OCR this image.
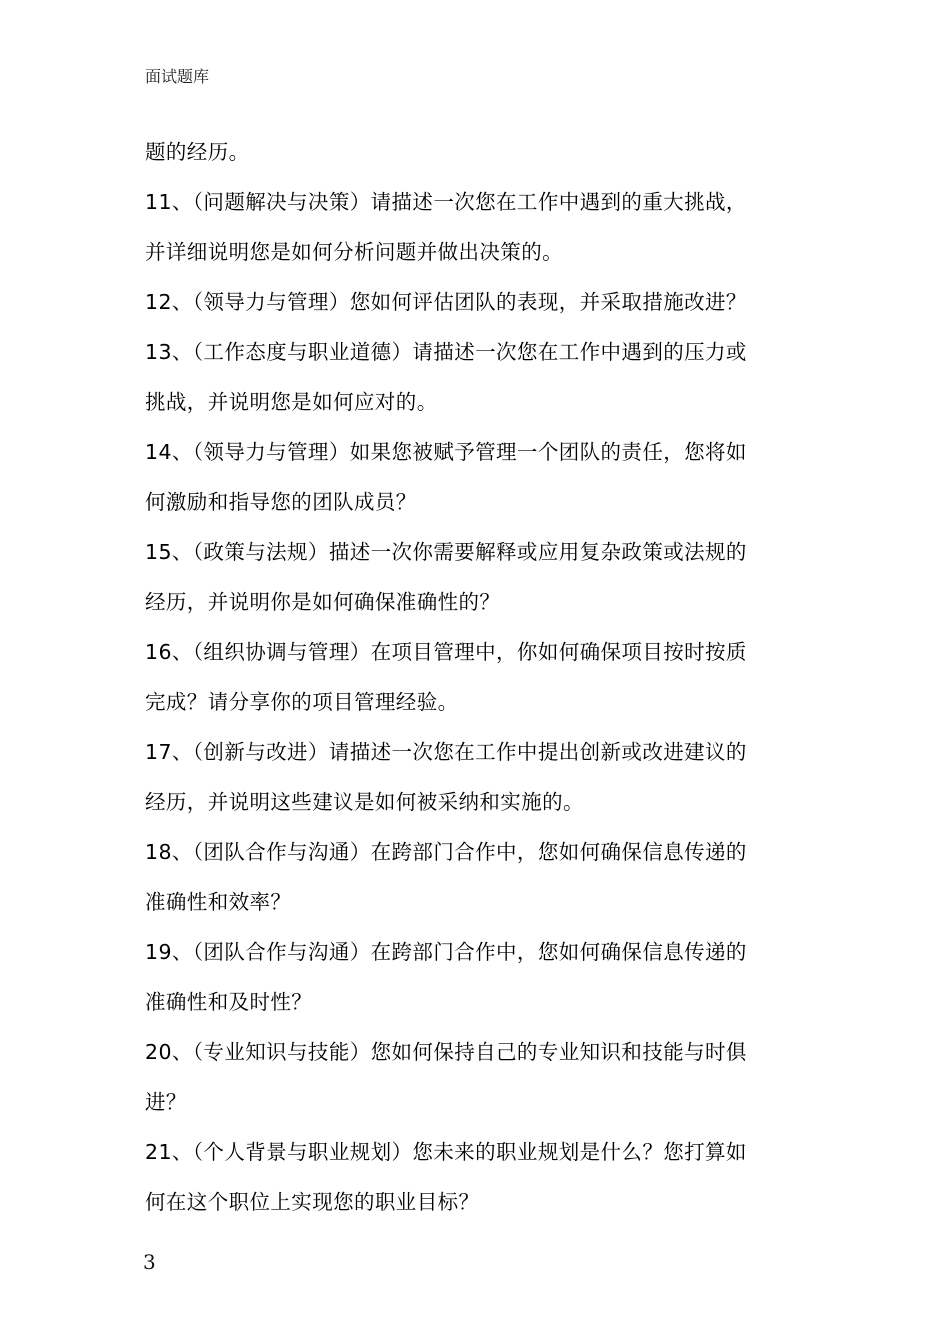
面试题库
题的经历。
11、（问题解决与决策）请描述一次您在工作中遇到的重大挑战，
并详细说明您是如何分析问题并做出决策的。
12、（领导力与管理）您如何评估团队的表现，并采取措施改进？
13、（工作态度与职业道德）请描述一次您在工作中遇到的压力或
挑战，并说明您是如何应对的。
14、（领导力与管理）如果您被赋予管理一个团队的责任，您将如
何激励和指导您的团队成员？
15、（政策与法规）描述一次你需要解释或应用复杂政策或法规的
经历，并说明你是如何确保准确性的？
16、（组织协调与管理）在项目管理中，你如何确保项目按时按质
完成？请分享你的项目管理经验。
17、（创新与改进）请描述一次您在工作中提出创新或改进建议的
经历，并说明这些建议是如何被采纳和实施的。
18、（团队合作与沟通）在跨部门合作中，您如何确保信息传递的
准确性和效率？
19、（团队合作与沟通）在跨部门合作中，您如何确保信息传递的
准确性和及时性？
20、（专业知识与技能）您如何保持自己的专业知识和技能与时俱
进？
21、（个人背景与职业规划）您未来的职业规划是什么？您打算如
何在这个职位上实现您的职业目标？
3
